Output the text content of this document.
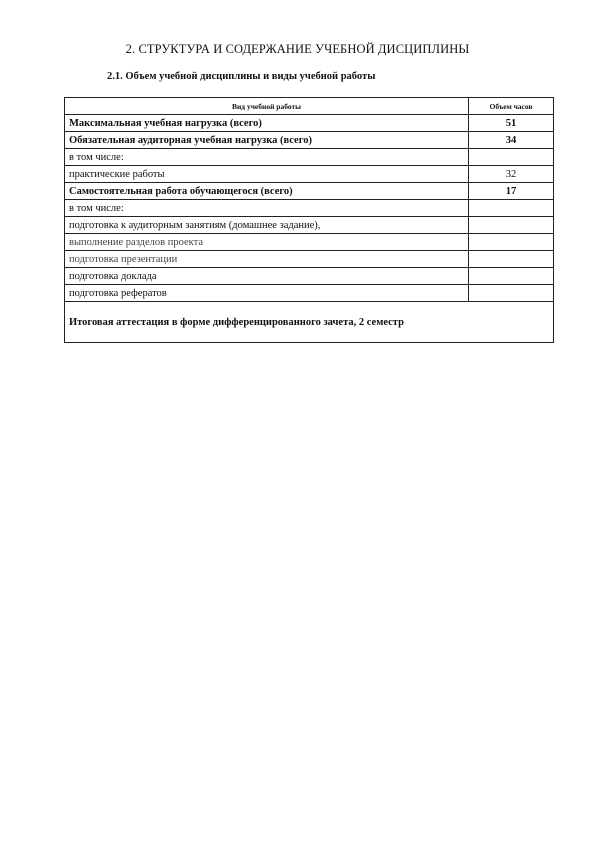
2. СТРУКТУРА И СОДЕРЖАНИЕ УЧЕБНОЙ ДИСЦИПЛИНЫ
2.1. Объем учебной дисциплины и виды учебной работы
Вид учебной работы	Объем часов
Максимальная учебная нагрузка (всего)	51
Обязательная аудиторная учебная нагрузка (всего)	34
в том числе:	
практические работы	32
Самостоятельная работа обучающегося (всего)	17
в том числе:	
подготовка к аудиторным занятиям (домашнее задание),	
выполнение разделов проекта	
подготовка презентации	
подготовка доклада	
подготовка рефератов	
Итоговая аттестация в форме дифференцированного зачета, 2 семестр	
